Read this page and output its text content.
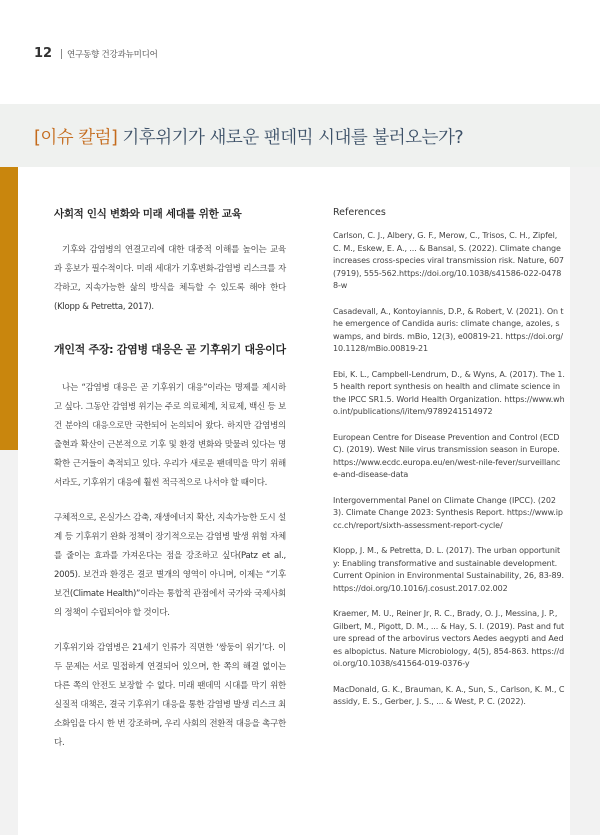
12 연구동향 건강과뉴미디어
[이슈 칼럼] 기후위기가 새로운 팬데믹 시대를 불러오는가?
사회적 인식 변화와 미래 세대를 위한 교육

기후와 감염병의 연결고리에 대한 대중적 이해를 높이는 교육과 홍보가 필수적이다. 미래 세대가 기후변화-감염병 리스크를 자각하고, 지속가능한 삶의 방식을 체득할 수 있도록 해야 한다(Klopp & Petretta, 2017).

개인적 주장: 감염병 대응은 곧 기후위기 대응이다

나는 “감염병 대응은 곧 기후위기 대응”이라는 명제를 제시하고 싶다. 그동안 감염병 위기는 주로 의료체계, 치료제, 백신 등 보건 분야의 대응으로만 국한되어 논의되어 왔다. 하지만 감염병의 출현과 확산이 근본적으로 기후 및 환경 변화와 맞물려 있다는 명확한 근거들이 축적되고 있다. 우리가 새로운 팬데믹을 막기 위해서라도, 기후위기 대응에 훨씬 적극적으로 나서야 할 때이다.

구체적으로, 온실가스 감축, 재생에너지 확산, 지속가능한 도시 설계 등 기후위기 완화 정책이 장기적으로는 감염병 발생 위험 자체를 줄이는 효과를 가져온다는 점을 강조하고 싶다(Patz et al., 2005). 보건과 환경은 결코 별개의 영역이 아니며, 이제는 “기후보건(Climate Health)”이라는 통합적 관점에서 국가와 국제사회의 정책이 수립되어야 할 것이다.

기후위기와 감염병은 21세기 인류가 직면한 ‘쌍둥이 위기’다. 이 두 문제는 서로 밀접하게 연결되어 있으며, 한 쪽의 해결 없이는 다른 쪽의 안전도 보장할 수 없다. 미래 팬데믹 시대를 막기 위한 실질적 대책은, 결국 기후위기 대응을 통한 감염병 발생 리스크 최소화임을 다시 한 번 강조하며, 우리 사회의 전환적 대응을 촉구한다.

References

Carlson, C. J., Albery, G. F., Merow, C., Trisos, C. H., Zipfel, C. M., Eskew, E. A., ... & Bansal, S. (2022). Climate change increases cross-species viral transmission risk. Nature, 607(7919), 555-562.https://doi.org/10.1038/s41586-022-04788-w

Casadevall, A., Kontoyiannis, D.P., & Robert, V. (2021). On the emergence of Candida auris: climate change, azoles, swamps, and birds. mBio, 12(3), e00819-21. https://doi.org/10.1128/mBio.00819-21

Ebi, K. L., Campbell-Lendrum, D., & Wyns, A. (2017). The 1.5 health report synthesis on health and climate science in the IPCC SR1.5. World Health Organization. https://www.who.int/publications/i/item/9789241514972

European Centre for Disease Prevention and Control (ECDC). (2019). West Nile virus transmission season in Europe. https://www.ecdc.europa.eu/en/west-nile-fever/surveillance-and-disease-data

Intergovernmental Panel on Climate Change (IPCC). (2023). Climate Change 2023: Synthesis Report. https://www.ipcc.ch/report/sixth-assessment-report-cycle/

Klopp, J. M., & Petretta, D. L. (2017). The urban opportunity: Enabling transformative and sustainable development. Current Opinion in Environmental Sustainability, 26, 83-89. https://doi.org/10.1016/j.cosust.2017.02.002

Kraemer, M. U., Reiner Jr, R. C., Brady, O. J., Messina, J. P., Gilbert, M., Pigott, D. M., ... & Hay, S. I. (2019). Past and future spread of the arbovirus vectors Aedes aegypti and Aedes albopictus. Nature Microbiology, 4(5), 854-863. https://doi.org/10.1038/s41564-019-0376-y

MacDonald, G. K., Brauman, K. A., Sun, S., Carlson, K. M., Cassidy, E. S., Gerber, J. S., ... & West, P. C. (2022).
